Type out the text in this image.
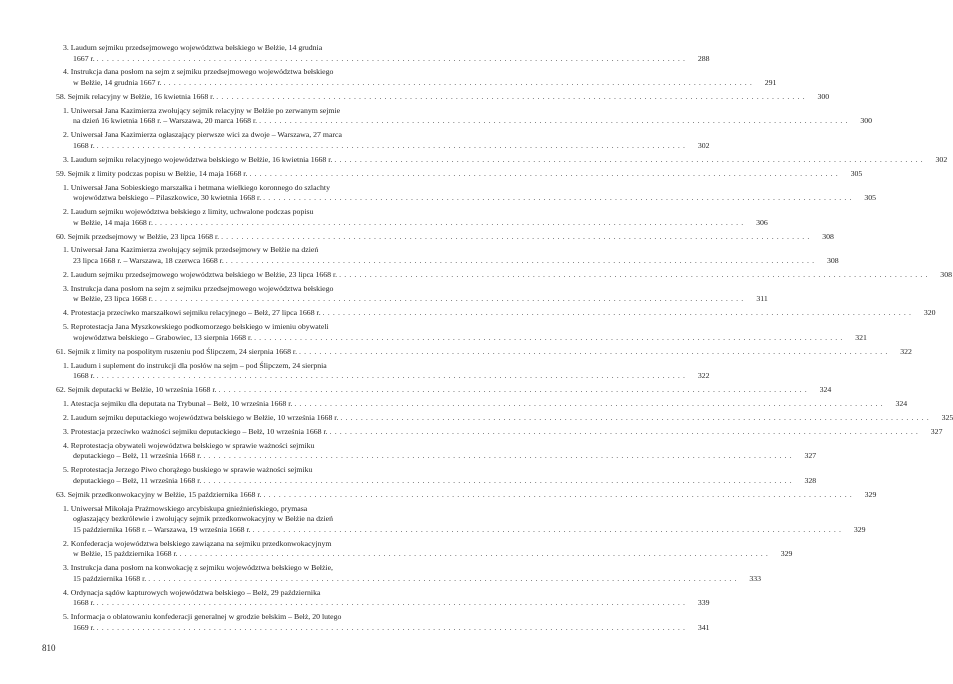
3. Laudum sejmiku przedsejmowego województwa bełskiego w Bełżie, 14 grudnia
1667 r. . . . . . . . . . . . . . . . . . . . . . . . . . . . . . . . . . . . . . . . . . . . . . . . . . . . . . . . . . . . . . . . . . . . . . . . . . . . . . . . . . . . . . . . . . . . . . . . . . . . . . . . . . . . . . . . . . . . .	288
4. Instrukcja dana posłom na sejm z sejmiku przedsejmowego województwa bełskiego
w Bełżie, 14 grudnia 1667 r. . . . . . . . . . . . . . . . . . . . . . . . . . . . . . . . . . . . . . . . . . . . . . . . . . . . . . . . . . . . . . . . . . . . . . . . . . . . . . . . . . . . . . . . . . . . . . . . . . . . . . . . . . . . . . . . . . . . .	291
58. Sejmik relacyjny w Bełżie, 16 kwietnia 1668 r. . . . . . . . . . . . . . . . . . . . . . . . . . . . . . . . . . . . . . . . . . . . . . . . . . . . . . . . . . . . . . . . . . . . . . . . . . . . . . . . . . . . . . . . . . . . . . . . . . . . . . . . . . . . . . . . . . . . .	300
1. Uniwersał Jana Kazimierza zwołujący sejmik relacyjny w Bełżie po zerwanym sejmie
na dzień 16 kwietnia 1668 r. – Warszawa, 20 marca 1668 r. . . . . . . . . . . . . . . . . . . . . . . . . . . . . . . . . . . . . . . . . . . . . . . . . . . . . . . . . . . . . . . . . . . . . . . . . . . . . . . . . . . . . . . . . . . . . . . . . . . . . . . . . . . . . . . . . . . . .	300
2. Uniwersał Jana Kazimierza ogłaszający pierwsze wici za dwoje – Warszawa, 27 marca
1668 r. . . . . . . . . . . . . . . . . . . . . . . . . . . . . . . . . . . . . . . . . . . . . . . . . . . . . . . . . . . . . . . . . . . . . . . . . . . . . . . . . . . . . . . . . . . . . . . . . . . . . . . . . . . . . . . . . . . . .	302
3. Laudum sejmiku relacyjnego województwa bełskiego w Bełżie, 16 kwietnia 1668 r. . . . . . . . . . . . . . . . . . . . . . . . . . . . . . . . . . . . . . . . . . . . . . . . . . . . . . . . . . . . . . . . . . . . . . . . . . . . . . . . . . . . . . . . . . . . . . . . . . . . . . . . . . . . . . . . . . . . .	302
59. Sejmik z limity podczas popisu w Bełżie, 14 maja 1668 r. . . . . . . . . . . . . . . . . . . . . . . . . . . . . . . . . . . . . . . . . . . . . . . . . . . . . . . . . . . . . . . . . . . . . . . . . . . . . . . . . . . . . . . . . . . . . . . . . . . . . . . . . . . . . . . . . . . . .	305
1. Uniwersał Jana Sobieskiego marszałka i hetmana wielkiego koronnego do szlachty
województwa bełskiego – Pilaszkowice, 30 kwietnia 1668 r. . . . . . . . . . . . . . . . . . . . . . . . . . . . . . . . . . . . . . . . . . . . . . . . . . . . . . . . . . . . . . . . . . . . . . . . . . . . . . . . . . . . . . . . . . . . . . . . . . . . . . . . . . . . . . . . . . . . .	305
2. Laudum sejmiku województwa bełskiego z limity, uchwalone podczas popisu
w Bełżie, 14 maja 1668 r. . . . . . . . . . . . . . . . . . . . . . . . . . . . . . . . . . . . . . . . . . . . . . . . . . . . . . . . . . . . . . . . . . . . . . . . . . . . . . . . . . . . . . . . . . . . . . . . . . . . . . . . . . . . . . . . . . . . .	306
60. Sejmik przedsejmowy w Bełżie, 23 lipca 1668 r. . . . . . . . . . . . . . . . . . . . . . . . . . . . . . . . . . . . . . . . . . . . . . . . . . . . . . . . . . . . . . . . . . . . . . . . . . . . . . . . . . . . . . . . . . . . . . . . . . . . . . . . . . . . . . . . . . . . .	308
1. Uniwersał Jana Kazimierza zwołujący sejmik przedsejmowy w Bełżie na dzień
23 lipca 1668 r. – Warszawa, 18 czerwca 1668 r. . . . . . . . . . . . . . . . . . . . . . . . . . . . . . . . . . . . . . . . . . . . . . . . . . . . . . . . . . . . . . . . . . . . . . . . . . . . . . . . . . . . . . . . . . . . . . . . . . . . . . . . . . . . . . . . . . . . .	308
2. Laudum sejmiku przedsejmowego województwa bełskiego w Bełżie, 23 lipca 1668 r. . . . . . . . . . . . . . . . . . . . . . . . . . . . . . . . . . . . . . . . . . . . . . . . . . . . . . . . . . . . . . . . . . . . . . . . . . . . . . . . . . . . . . . . . . . . . . . . . . . . . . . . . . . . . . . . . . . . .	308
3. Instrukcja dana posłom na sejm z sejmiku przedsejmowego województwa bełskiego
w Bełżie, 23 lipca 1668 r. . . . . . . . . . . . . . . . . . . . . . . . . . . . . . . . . . . . . . . . . . . . . . . . . . . . . . . . . . . . . . . . . . . . . . . . . . . . . . . . . . . . . . . . . . . . . . . . . . . . . . . . . . . . . . . . . . . . .	311
4. Protestacja przeciwko marszałkowi sejmiku relacyjnego – Bełż, 27 lipca 1668 r. . . . . . . . . . . . . . . . . . . . . . . . . . . . . . . . . . . . . . . . . . . . . . . . . . . . . . . . . . . . . . . . . . . . . . . . . . . . . . . . . . . . . . . . . . . . . . . . . . . . . . . . . . . . . . . . . . . . .	320
5. Reprotestacja Jana Myszkowskiego podkomorzego bełskiego w imieniu obywateli
województwa bełskiego – Grabowiec, 13 sierpnia 1668 r. . . . . . . . . . . . . . . . . . . . . . . . . . . . . . . . . . . . . . . . . . . . . . . . . . . . . . . . . . . . . . . . . . . . . . . . . . . . . . . . . . . . . . . . . . . . . . . . . . . . . . . . . . . . . . . . . . . . .	321
61. Sejmik z limity na pospolitym ruszeniu pod Ślipczem, 24 sierpnia 1668 r. . . . . . . . . . . . . . . . . . . . . . . . . . . . . . . . . . . . . . . . . . . . . . . . . . . . . . . . . . . . . . . . . . . . . . . . . . . . . . . . . . . . . . . . . . . . . . . . . . . . . . . . . . . . . . . . . . . . .	322
1. Laudum i suplement do instrukcji dla posłów na sejm – pod Ślipczem, 24 sierpnia
1668 r. . . . . . . . . . . . . . . . . . . . . . . . . . . . . . . . . . . . . . . . . . . . . . . . . . . . . . . . . . . . . . . . . . . . . . . . . . . . . . . . . . . . . . . . . . . . . . . . . . . . . . . . . . . . . . . . . . . . .	322
62. Sejmik deputacki w Bełżie, 10 września 1668 r. . . . . . . . . . . . . . . . . . . . . . . . . . . . . . . . . . . . . . . . . . . . . . . . . . . . . . . . . . . . . . . . . . . . . . . . . . . . . . . . . . . . . . . . . . . . . . . . . . . . . . . . . . . . . . . . . . . . .	324
1. Atestacja sejmiku dla deputata na Trybunał – Bełż, 10 września 1668 r. . . . . . . . . . . . . . . . . . . . . . . . . . . . . . . . . . . . . . . . . . . . . . . . . . . . . . . . . . . . . . . . . . . . . . . . . . . . . . . . . . . . . . . . . . . . . . . . . . . . . . . . . . . . . . . . . . . . .	324
2. Laudum sejmiku deputackiego województwa bełskiego w Bełżie, 10 września 1668 r. . . . . . . . . . . . . . . . . . . . . . . . . . . . . . . . . . . . . . . . . . . . . . . . . . . . . . . . . . . . . . . . . . . . . . . . . . . . . . . . . . . . . . . . . . . . . . . . . . . . . . . . . . . . . . . . . . . . .	325
3. Protestacja przeciwko ważności sejmiku deputackiego – Bełż, 10 września 1668 r. . . . . . . . . . . . . . . . . . . . . . . . . . . . . . . . . . . . . . . . . . . . . . . . . . . . . . . . . . . . . . . . . . . . . . . . . . . . . . . . . . . . . . . . . . . . . . . . . . . . . . . . . . . . . . . . . . . . .	327
4. Reprotestacja obywateli województwa bełskiego w sprawie ważności sejmiku
deputackiego – Bełż, 11 września 1668 r. . . . . . . . . . . . . . . . . . . . . . . . . . . . . . . . . . . . . . . . . . . . . . . . . . . . . . . . . . . . . . . . . . . . . . . . . . . . . . . . . . . . . . . . . . . . . . . . . . . . . . . . . . . . . . . . . . . . .	327
5. Reprotestacja Jerzego Piwo chorążego buskiego w sprawie ważności sejmiku
deputackiego – Bełż, 11 września 1668 r. . . . . . . . . . . . . . . . . . . . . . . . . . . . . . . . . . . . . . . . . . . . . . . . . . . . . . . . . . . . . . . . . . . . . . . . . . . . . . . . . . . . . . . . . . . . . . . . . . . . . . . . . . . . . . . . . . . . .	328
63. Sejmik przedkonwokacyjny w Bełżie, 15 października 1668 r. . . . . . . . . . . . . . . . . . . . . . . . . . . . . . . . . . . . . . . . . . . . . . . . . . . . . . . . . . . . . . . . . . . . . . . . . . . . . . . . . . . . . . . . . . . . . . . . . . . . . . . . . . . . . . . . . . . . .	329
1. Uniwersał Mikołaja Prażmowskiego arcybiskupa gnieźnieńskiego, prymasa
ogłaszający bezkrólewie i zwołujący sejmik przedkonwokacyjny w Bełżie na dzień
15 października 1668 r. – Warszawa, 19 września 1668 r. . . . . . . . . . . . . . . . . . . . . . . . . . . . . . . . . . . . . . . . . . . . . . . . . . . . . . . . . . . . . . . . . . . . . . . . . . . . . . . . . . . . . . . . . . . . . . . . . . . . . . . . . . . . . . . . . . . . .	329
2. Konfederacja województwa bełskiego zawiązana na sejmiku przedkonwokacyjnym
w Bełżie, 15 października 1668 r. . . . . . . . . . . . . . . . . . . . . . . . . . . . . . . . . . . . . . . . . . . . . . . . . . . . . . . . . . . . . . . . . . . . . . . . . . . . . . . . . . . . . . . . . . . . . . . . . . . . . . . . . . . . . . . . . . . . .	329
3. Instrukcja dana posłom na konwokację z sejmiku województwa bełskiego w Bełżie,
15 października 1668 r. . . . . . . . . . . . . . . . . . . . . . . . . . . . . . . . . . . . . . . . . . . . . . . . . . . . . . . . . . . . . . . . . . . . . . . . . . . . . . . . . . . . . . . . . . . . . . . . . . . . . . . . . . . . . . . . . . . . .	333
4. Ordynacja sądów kapturowych województwa bełskiego – Bełż, 29 października
1668 r. . . . . . . . . . . . . . . . . . . . . . . . . . . . . . . . . . . . . . . . . . . . . . . . . . . . . . . . . . . . . . . . . . . . . . . . . . . . . . . . . . . . . . . . . . . . . . . . . . . . . . . . . . . . . . . . . . . . .	339
5. Informacja o oblatowaniu konfederacji generalnej w grodzie bełskim – Bełż, 20 lutego
1669 r. . . . . . . . . . . . . . . . . . . . . . . . . . . . . . . . . . . . . . . . . . . . . . . . . . . . . . . . . . . . . . . . . . . . . . . . . . . . . . . . . . . . . . . . . . . . . . . . . . . . . . . . . . . . . . . . . . . . .	341
810
